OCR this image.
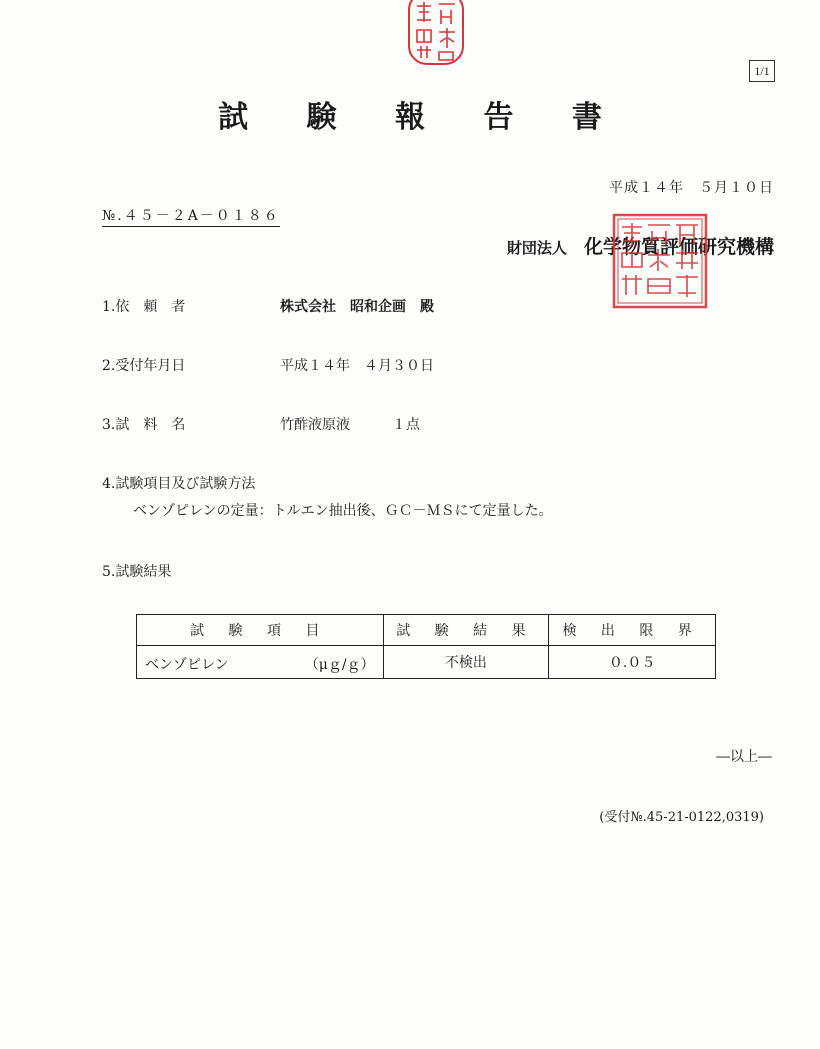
1/1
試 験 報 告 書
平成１４年　５月１０日
№.４５－２A－０１８６
財団法人 化学物質評価研究機構
1.依　頼　者	株式会社　昭和企画　殿
2.受付年月日	平成１４年　４月３０日
3.試　料　名	竹酢液原液　　　１点
4.試験項目及び試験方法
ベンゾピレンの定量：トルエン抽出後、ＧＣ－ＭＳにて定量した。
5.試験結果
試 験 項 目	試 験 結 果	検 出 限 界

ベンゾピレン （μｇ/ｇ）	不検出	０.０５
―以上―
(受付№.45-21-0122,0319)
